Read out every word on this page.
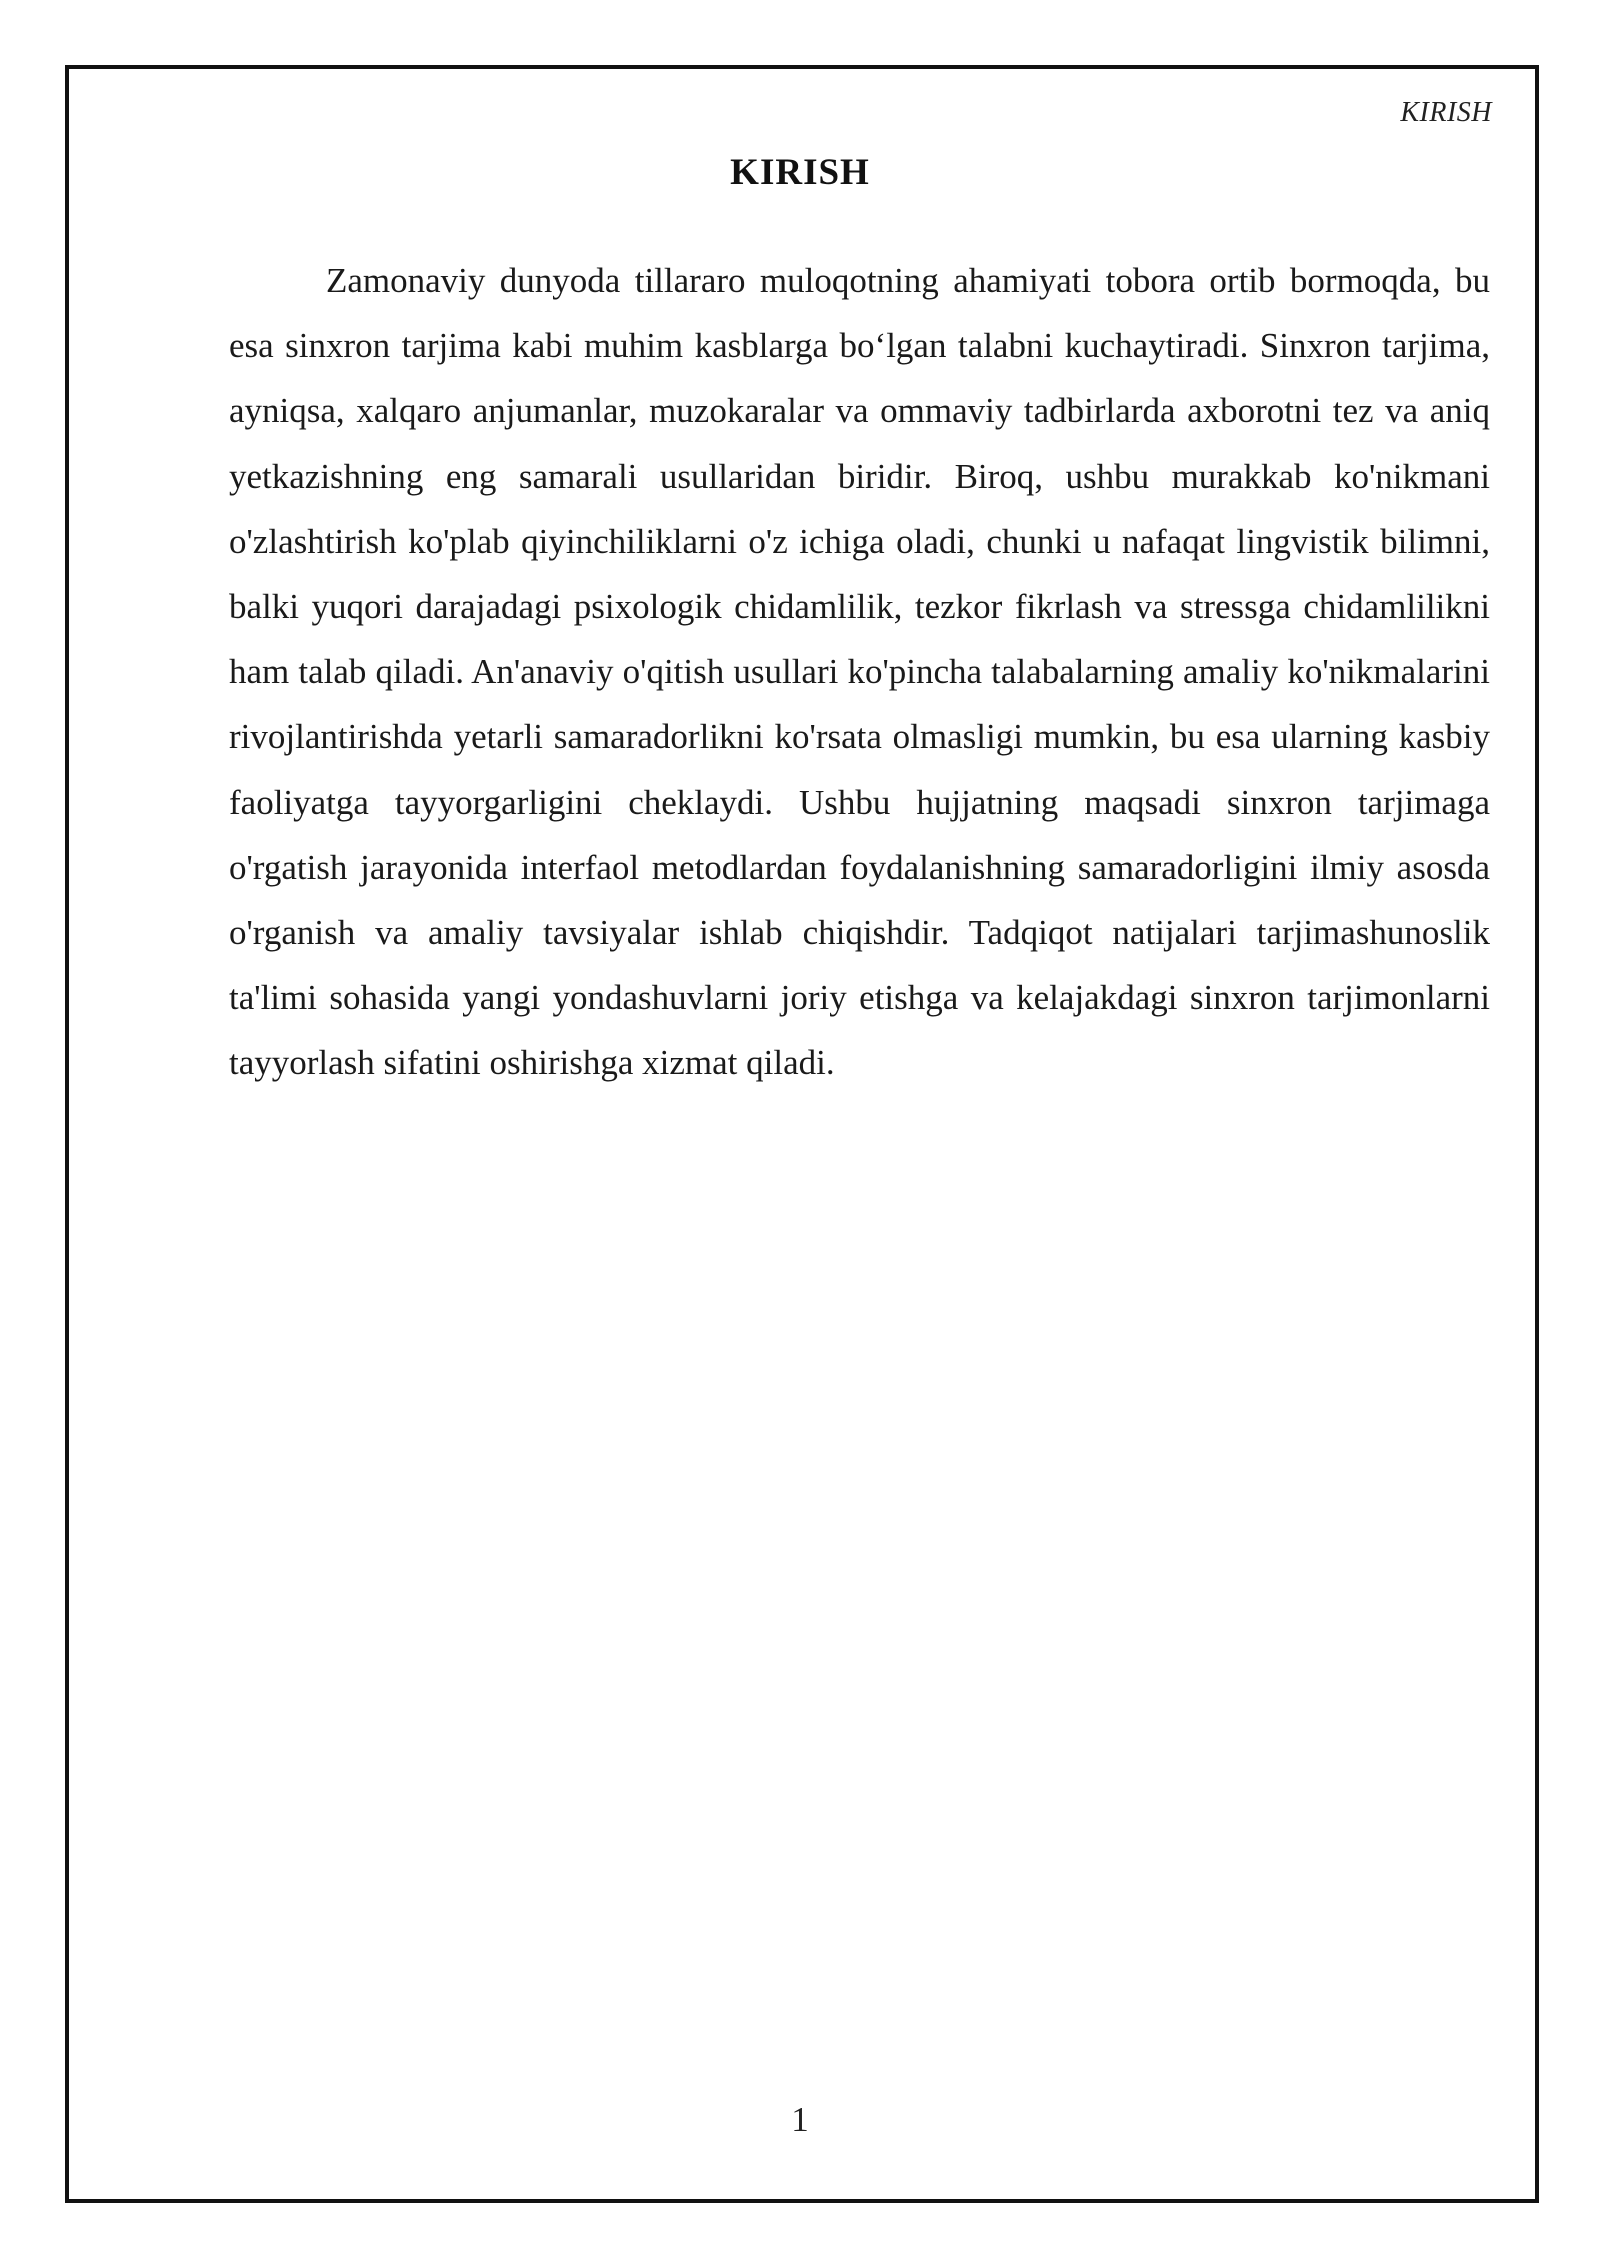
KIRISH
KIRISH

Zamonaviy dunyoda tillararo muloqotning ahamiyati tobora ortib bormoqda, bu esa sinxron tarjima kabi muhim kasblarga bo‘lgan talabni kuchaytiradi. Sinxron tarjima, ayniqsa, xalqaro anjumanlar, muzokaralar va ommaviy tadbirlarda axborotni tez va aniq yetkazishning eng samarali usullaridan biridir. Biroq, ushbu murakkab ko'nikmani o'zlashtirish ko'plab qiyinchiliklarni o'z ichiga oladi, chunki u nafaqat lingvistik bilimni, balki yuqori darajadagi psixologik chidamlilik, tezkor fikrlash va stressga chidamlilikni ham talab qiladi. An'anaviy o'qitish usullari ko'pincha talabalarning amaliy ko'nikmalarini rivojlantirishda yetarli samaradorlikni ko'rsata olmasligi mumkin, bu esa ularning kasbiy faoliyatga tayyorgarligini cheklaydi. Ushbu hujjatning maqsadi sinxron tarjimaga o'rgatish jarayonida interfaol metodlardan foydalanishning samaradorligini ilmiy asosda o'rganish va amaliy tavsiyalar ishlab chiqishdir. Tadqiqot natijalari tarjimashunoslik ta'limi sohasida yangi yondashuvlarni joriy etishga va kelajakdagi sinxron tarjimonlarni tayyorlash sifatini oshirishga xizmat qiladi.

1
